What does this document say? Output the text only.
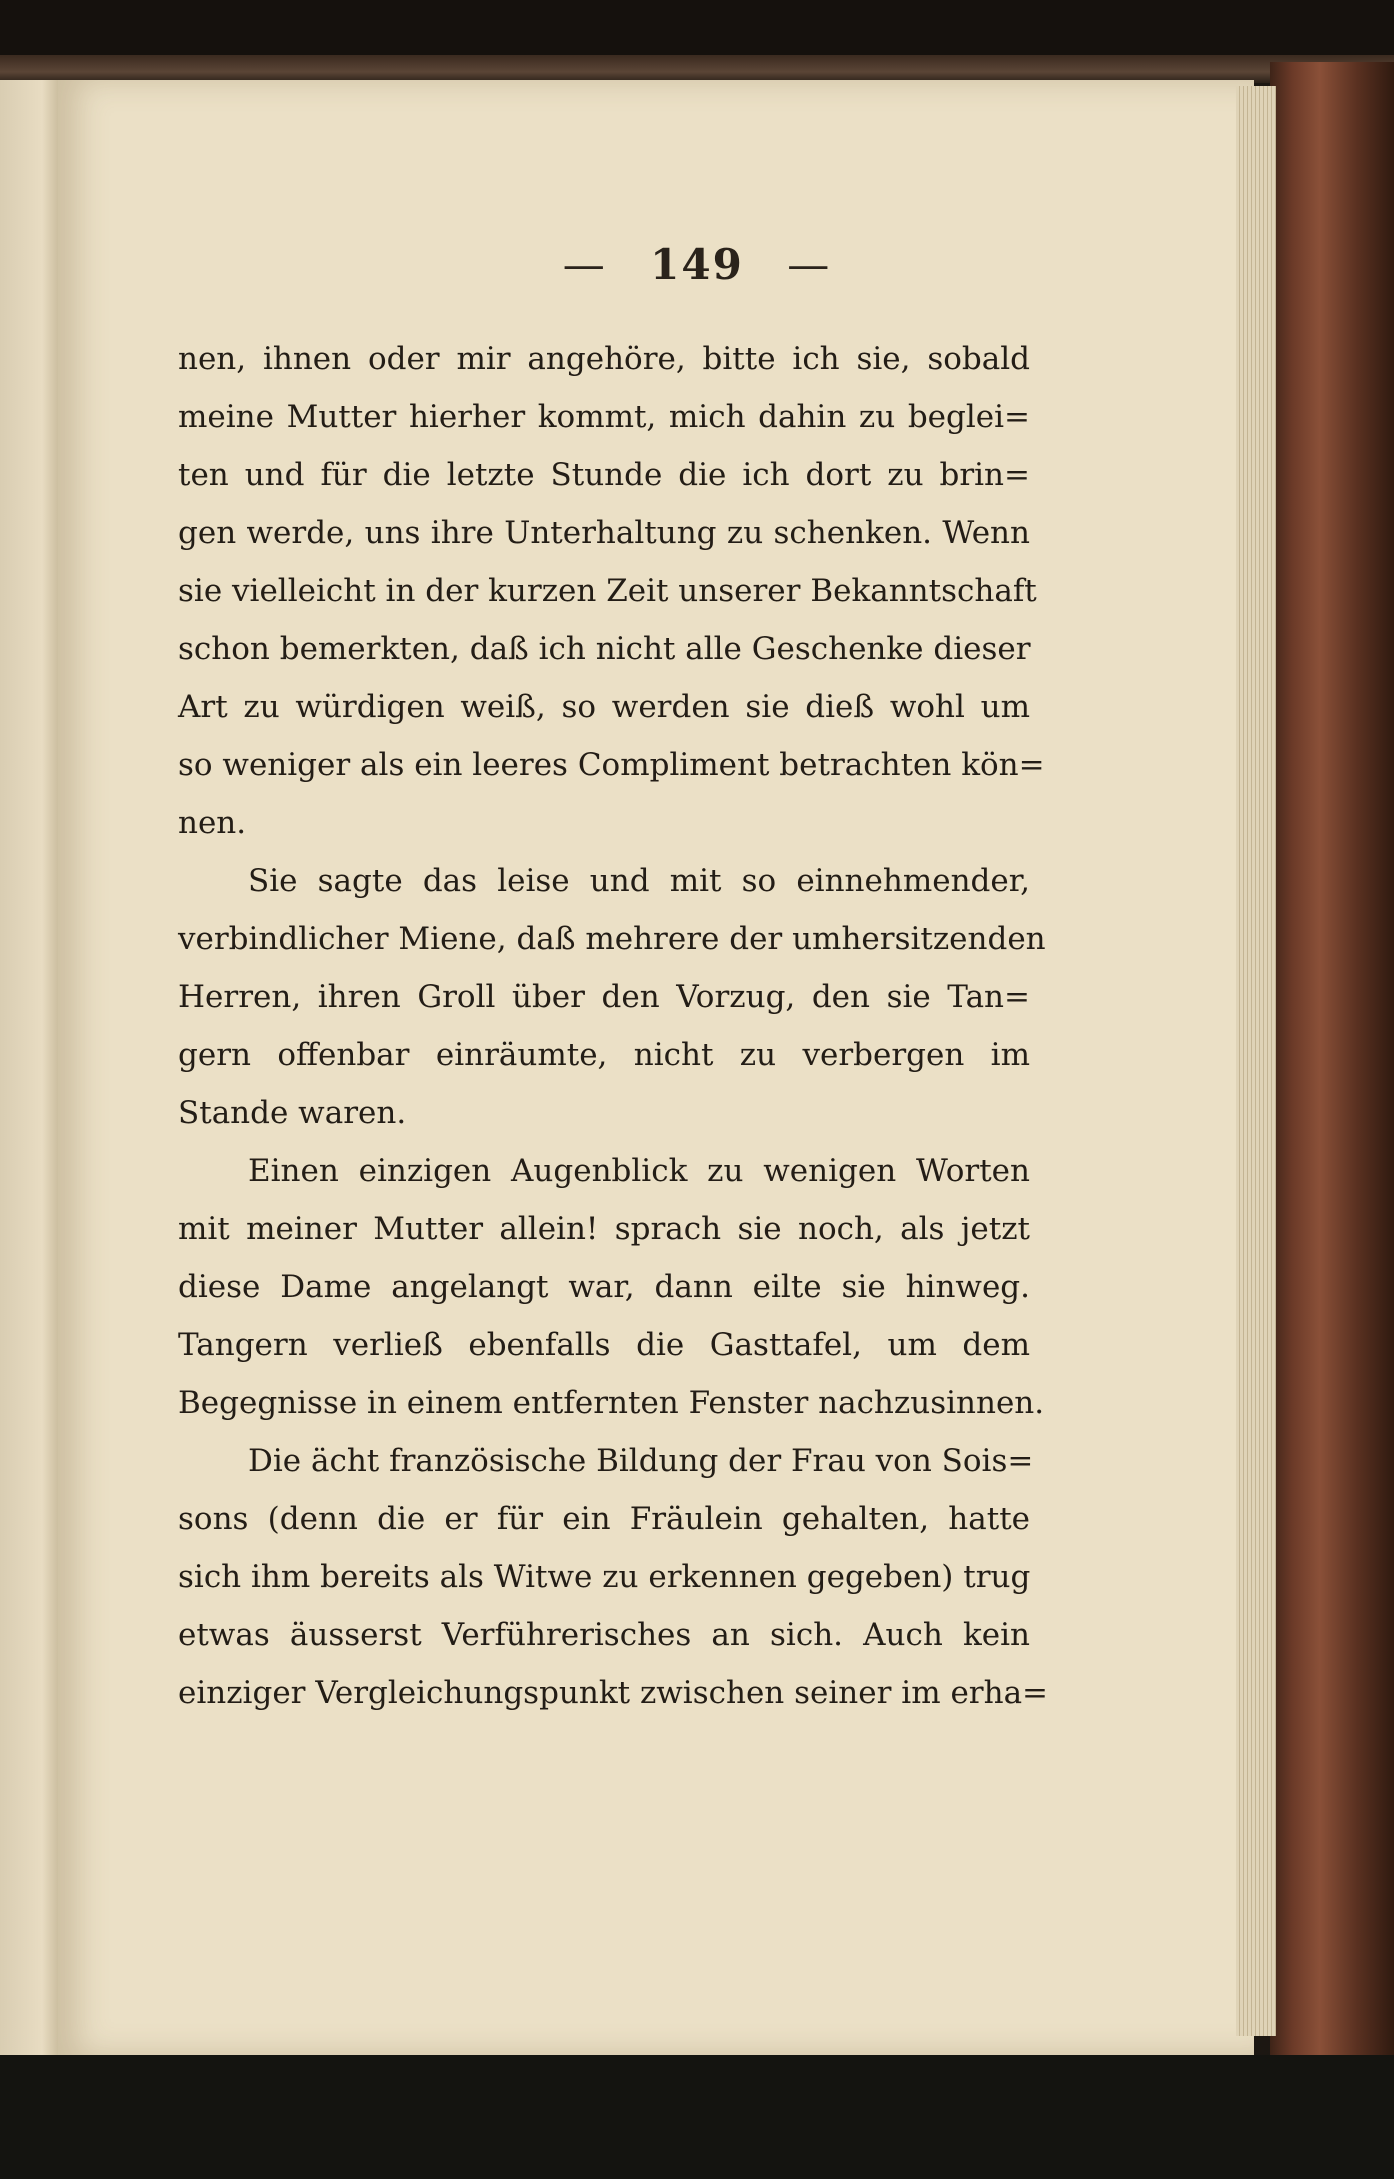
— 149 —
nen, ihnen oder mir angehöre, bitte ich sie, sobald
meine Mutter hierher kommt, mich dahin zu beglei=
ten und für die letzte Stunde die ich dort zu brin=
gen werde, uns ihre Unterhaltung zu schenken. Wenn
sie vielleicht in der kurzen Zeit unserer Bekanntschaft
schon bemerkten, daß ich nicht alle Geschenke dieser
Art zu würdigen weiß, so werden sie dieß wohl um
so weniger als ein leeres Compliment betrachten kön=
nen.
Sie sagte das leise und mit so einnehmender,
verbindlicher Miene, daß mehrere der umhersitzenden
Herren, ihren Groll über den Vorzug, den sie Tan=
gern offenbar einräumte, nicht zu verbergen im
Stande waren.
Einen einzigen Augenblick zu wenigen Worten
mit meiner Mutter allein! sprach sie noch, als jetzt
diese Dame angelangt war, dann eilte sie hinweg.
Tangern verließ ebenfalls die Gasttafel, um dem
Begegnisse in einem entfernten Fenster nachzusinnen.
Die ächt französische Bildung der Frau von Sois=
sons (denn die er für ein Fräulein gehalten, hatte
sich ihm bereits als Witwe zu erkennen gegeben) trug
etwas äusserst Verführerisches an sich. Auch kein
einziger Vergleichungspunkt zwischen seiner im erha=
